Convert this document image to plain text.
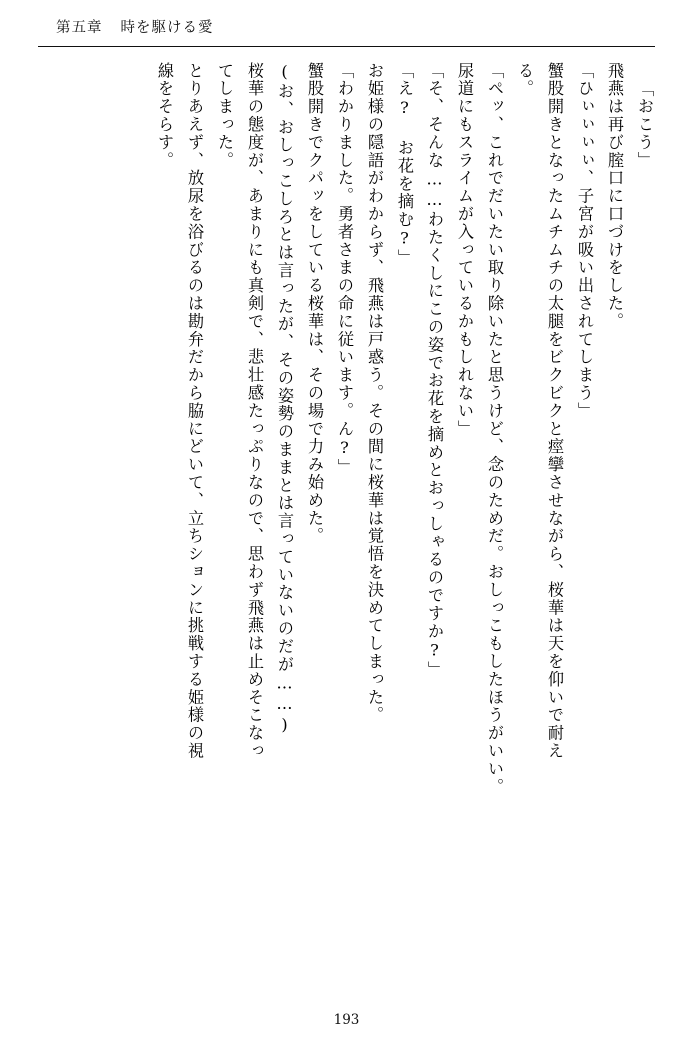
第五章 時を駆ける愛
「おこう」
飛燕は再び腟口に口づけをした。
「ひぃぃぃぃ、子宮が吸い出されてしまう」
蟹股開きとなったムチムチの太腿をビクビクと痙攣させながら、桜華は天を仰いで耐え
る。
「ペッ、これでだいたい取り除いたと思うけど、念のためだ。おしっこもしたほうがいい。
尿道にもスライムが入っているかもしれない」
「そ、そんな……わたくしにこの姿でお花を摘めとおっしゃるのですか?」
「え? お花を摘む?」
お姫様の隠語がわからず、飛燕は戸惑う。その間に桜華は覚悟を決めてしまった。
「わかりました。勇者さまの命に従います。ん?」
蟹股開きでクパッをしている桜華は、その場で力み始めた。
(お、おしっこしろとは言ったが、その姿勢のままとは言っていないのだが……)
桜華の態度が、あまりにも真剣で、悲壮感たっぷりなので、思わず飛燕は止めそこなっ
てしまった。
とりあえず、放尿を浴びるのは勘弁だから脇にどいて、立ちションに挑戦する姫様の視
線をそらす。
193
